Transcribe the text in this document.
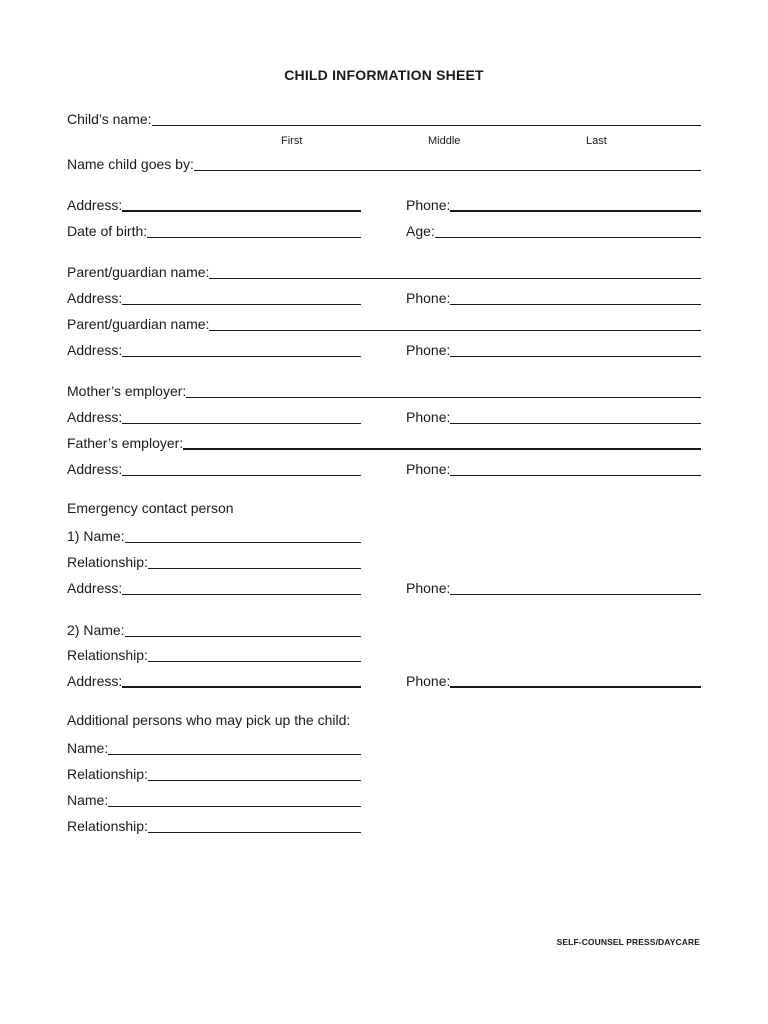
CHILD INFORMATION SHEET
Child’s name:
First	Middle	Last
Name child goes by:
Address:	Phone:
Date of birth:	Age:
Parent/guardian name:
Address:	Phone:
Parent/guardian name:
Address:	Phone:
Mother’s employer:
Address:	Phone:
Father’s employer:
Address:	Phone:
Emergency contact person
1) Name:
Relationship:
Address:	Phone:
2) Name:
Relationship:
Address:	Phone:
Additional persons who may pick up the child:
Name:
Relationship:
Name:
Relationship:
SELF-COUNSEL PRESS/DAYCARE
